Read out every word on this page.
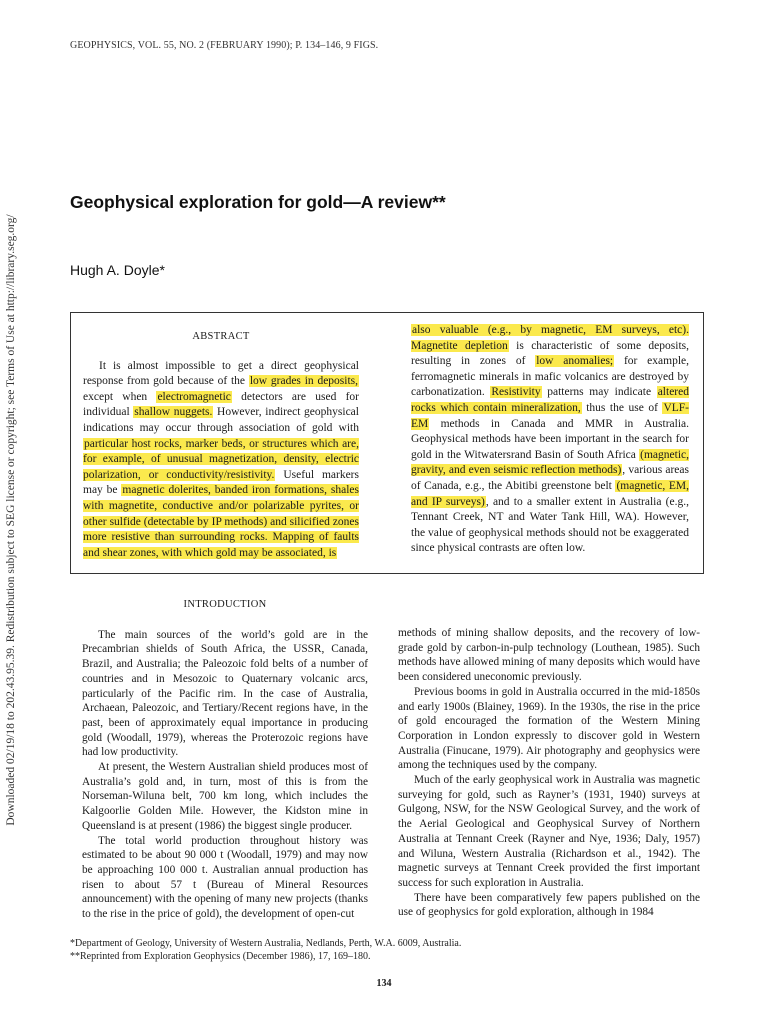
Downloaded 02/19/18 to 202.43.95.39. Redistribution subject to SEG license or copyright; see Terms of Use at http://library.seg.org/
GEOPHYSICS, VOL. 55, NO. 2 (FEBRUARY 1990); P. 134–146, 9 FIGS.
Geophysical exploration for gold—A review**
Hugh A. Doyle*
ABSTRACT

It is almost impossible to get a direct geophysical response from gold because of the low grades in deposits, except when electromagnetic detectors are used for individual shallow nuggets. However, indirect geophysical indications may occur through association of gold with particular host rocks, marker beds, or structures which are, for example, of unusual magnetization, density, electric polarization, or conductivity/resistivity. Useful markers may be magnetic dolerites, banded iron formations, shales with magnetite, conductive and/or polarizable pyrites, or other sulfide (detectable by IP methods) and silicified zones more resistive than surrounding rocks. Mapping of faults and shear zones, with which gold may be associated, is

also valuable (e.g., by magnetic, EM surveys, etc). Magnetite depletion is characteristic of some deposits, resulting in zones of low anomalies; for example, ferromagnetic minerals in mafic volcanics are destroyed by carbonatization. Resistivity patterns may indicate altered rocks which contain mineralization, thus the use of VLF-EM methods in Canada and MMR in Australia. Geophysical methods have been important in the search for gold in the Witwatersrand Basin of South Africa (magnetic, gravity, and even seismic reflection methods), various areas of Canada, e.g., the Abitibi greenstone belt (magnetic, EM, and IP surveys), and to a smaller extent in Australia (e.g., Tennant Creek, NT and Water Tank Hill, WA). However, the value of geophysical methods should not be exaggerated since physical contrasts are often low.

INTRODUCTION

The main sources of the world’s gold are in the Precambrian shields of South Africa, the USSR, Canada, Brazil, and Australia; the Paleozoic fold belts of a number of countries and in Mesozoic to Quaternary volcanic arcs, particularly of the Pacific rim. In the case of Australia, Archaean, Paleozoic, and Tertiary/Recent regions have, in the past, been of approximately equal importance in producing gold (Woodall, 1979), whereas the Proterozoic regions have had low productivity.

At present, the Western Australian shield produces most of Australia’s gold and, in turn, most of this is from the Norseman-Wiluna belt, 700 km long, which includes the Kalgoorlie Golden Mile. However, the Kidston mine in Queensland is at present (1986) the biggest single producer.

The total world production throughout history was estimated to be about 90 000 t (Woodall, 1979) and may now be approaching 100 000 t. Australian annual production has risen to about 57 t (Bureau of Mineral Resources announcement) with the opening of many new projects (thanks to the rise in the price of gold), the development of open-cut

methods of mining shallow deposits, and the recovery of low-grade gold by carbon-in-pulp technology (Louthean, 1985). Such methods have allowed mining of many deposits which would have been considered uneconomic previously.

Previous booms in gold in Australia occurred in the mid-1850s and early 1900s (Blainey, 1969). In the 1930s, the rise in the price of gold encouraged the formation of the Western Mining Corporation in London expressly to discover gold in Western Australia (Finucane, 1979). Air photography and geophysics were among the techniques used by the company.

Much of the early geophysical work in Australia was magnetic surveying for gold, such as Rayner’s (1931, 1940) surveys at Gulgong, NSW, for the NSW Geological Survey, and the work of the Aerial Geological and Geophysical Survey of Northern Australia at Tennant Creek (Rayner and Nye, 1936; Daly, 1957) and Wiluna, Western Australia (Richardson et al., 1942). The magnetic surveys at Tennant Creek provided the first important success for such exploration in Australia.

There have been comparatively few papers published on the use of geophysics for gold exploration, although in 1984

*Department of Geology, University of Western Australia, Nedlands, Perth, W.A. 6009, Australia.
**Reprinted from Exploration Geophysics (December 1986), 17, 169–180.
134
